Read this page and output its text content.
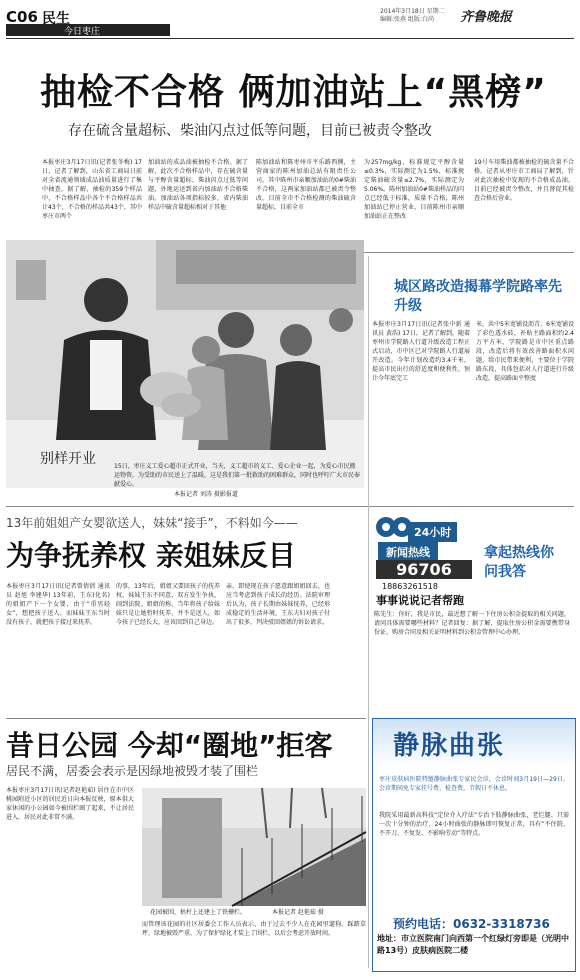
C06 民生
今日枣庄
2014年3月18日 星期二
编辑:张燕 组版:白尚	齐鲁晚报
抽检不合格 俩加油站上“黑榜”
存在硫含量超标、柴油闪点过低等问题，目前已被责令整改
本报枣庄3月17日讯(记者张冬梅) 17日，记者了解到，山东省工商局日前对全省流通领域成品油质量进行了集中抽查，据了解，抽检的359个样品中，不合格样品中各个不合格样品共计43个，不合格的样品共43个，其中枣庄市两个
加油站的成品油被抽检不合格。据了解，此次不合格样品中，存在硫含量与平醇含量超标、柴油闪点过低等问题，外地运送到省内加油站不合格柴油。加油站各项指标较多，省内柴油样品中硫含量超标相对于其他
陈加油站和陈枣州市平乐路西侧，主营商家的陈州加油总站有限责任公司。其中陈州市亲顺加油站的0#柴油不合格，这两家加油站都已被责令整改。目前全市不合格检测的柴油硫含量超标，目前全市
为257mg/kg，标准规定平醇含量≤0.3%，实际测定为1.5%，标准规定柴油硫含量≤2.7%，实际测定为5.06%。陈州加油站0#柴油样品的闪点已经低于标准，质量不合格，陈州加油站已停止营业，目前陈州市亲顺加油站正在整改
19号车用柴油都被抽检的硫含量不合格。记者从枣庄市工商局了解到，针对此次抽检中发现的不合格成品油，目前已经被责令整改，并且督促其检查合格后营业。
别样开业	15日，枣庄义工爱心超市正式开业，当天，义工超市的义工、爱心企业一起，为爱心市民搬运物资，为受助的市民送上了温暖，这是我们第一批救助的困难群众，同时也呼吁广大市民奉献爱心。
本报记者 刘涛 摄影报道
城区路改造揭幕学院路率先升级
本报枣庄3月17日讯(记者张中新 通讯员 黄浩) 17日，记者了解到，随着枣州市学院路人行道升级改造工程正式启动，市中区已对学院路人行道展开改造。今年计划改造约3.4千米，提高市民出行的舒适度和便利性，预计今年底完工
米，共中5米宽铺设沥青，6米宽铺设了彩色透水砖，补贴主路面积约2.4万平方米，学院路是市中区重点路段，改造后将有效改善路面积水问题，给市民带来便利，主要位于学院路东段，具体包括对人行道进行升级改造，提高路面平整度
13年前姐姐产女婴欲送人，妹妹“接手”，不料如今——
为争抚养权 亲姐妹反目
本报枣庄3月17日讯(记者曾倩倩 通讯员 赵旭 李建华) 13年前，王东(化名)的姐姐产下一个女婴，由于“重男轻女”，想把孩子送人，而妹妹王东当时没有孩子，就把孩子接过来抚养。
的事，13年后，姐姐又要回孩子的抚养权，妹妹王东不同意，双方发生争执，闹到法院。姐姐的称，当年将孩子给妹妹只是让她暂时抚养，并不是送人，如今孩子已经长大，应该回到自己身边。
亲，即使现在孩子愿意跟姐姐回去，也应当考虑到孩子成长的经历。法院审理后认为，孩子长期由妹妹抚养，已经形成稳定的生活环境，王东夫妇对孩子付出了很多，判决驳回姐姐的诉讼请求。
昔日公园 今却“圈地”拒客
居民不满，居委会表示是因绿地被毁才装了围栏
本报枣庄3月17日讯(记者赵艳茹) 居住在市中区桃园附近小区的居民近日向本报反映，原本供大家休闲的小公园如今被围栏圈了起来，不让居民进入，居民对此非常不满。
花园被围，枯杆上还建上了铁栅栏。	本报记者 赵艳茹 摄
而管理该花园的社区居委会工作人员表示，由于过去不少人在花园里遛狗、踩踏草坪，绿地被毁严重，为了保护绿化才装上了围栏，以后会考虑开放时间。
24小时
新闻热线
96706
18863261518
事事说说记者帮跑
拿起热线你问我答
陈先生：你好，我是市民，最近想了解一下住房公积金提取的相关问题，请问具体需要哪些材料？记者回复：据了解，提取住房公积金需要携带身份证、购房合同及相关证明材料到公积金管理中心办理。
静脉曲张
枣庄皮肤病医院特邀静脉曲张专家民会诊，会诊时间3月19日—29日，会诊期间免专家挂号费、检查费，节假日不休息。
我院采用最新高科技“定位介入疗法”专治下肢静脉曲张，老烂腿、只需一次十分钟的治疗，24小时曲张的静脉即可恢复正常，具有“不住院、不开刀、不复发、不影响劳动”等特点。
预约电话：0632-3318736
地址：市立医院南门向西第一个红绿灯旁即是（光明中路13号）皮肤病医院二楼
